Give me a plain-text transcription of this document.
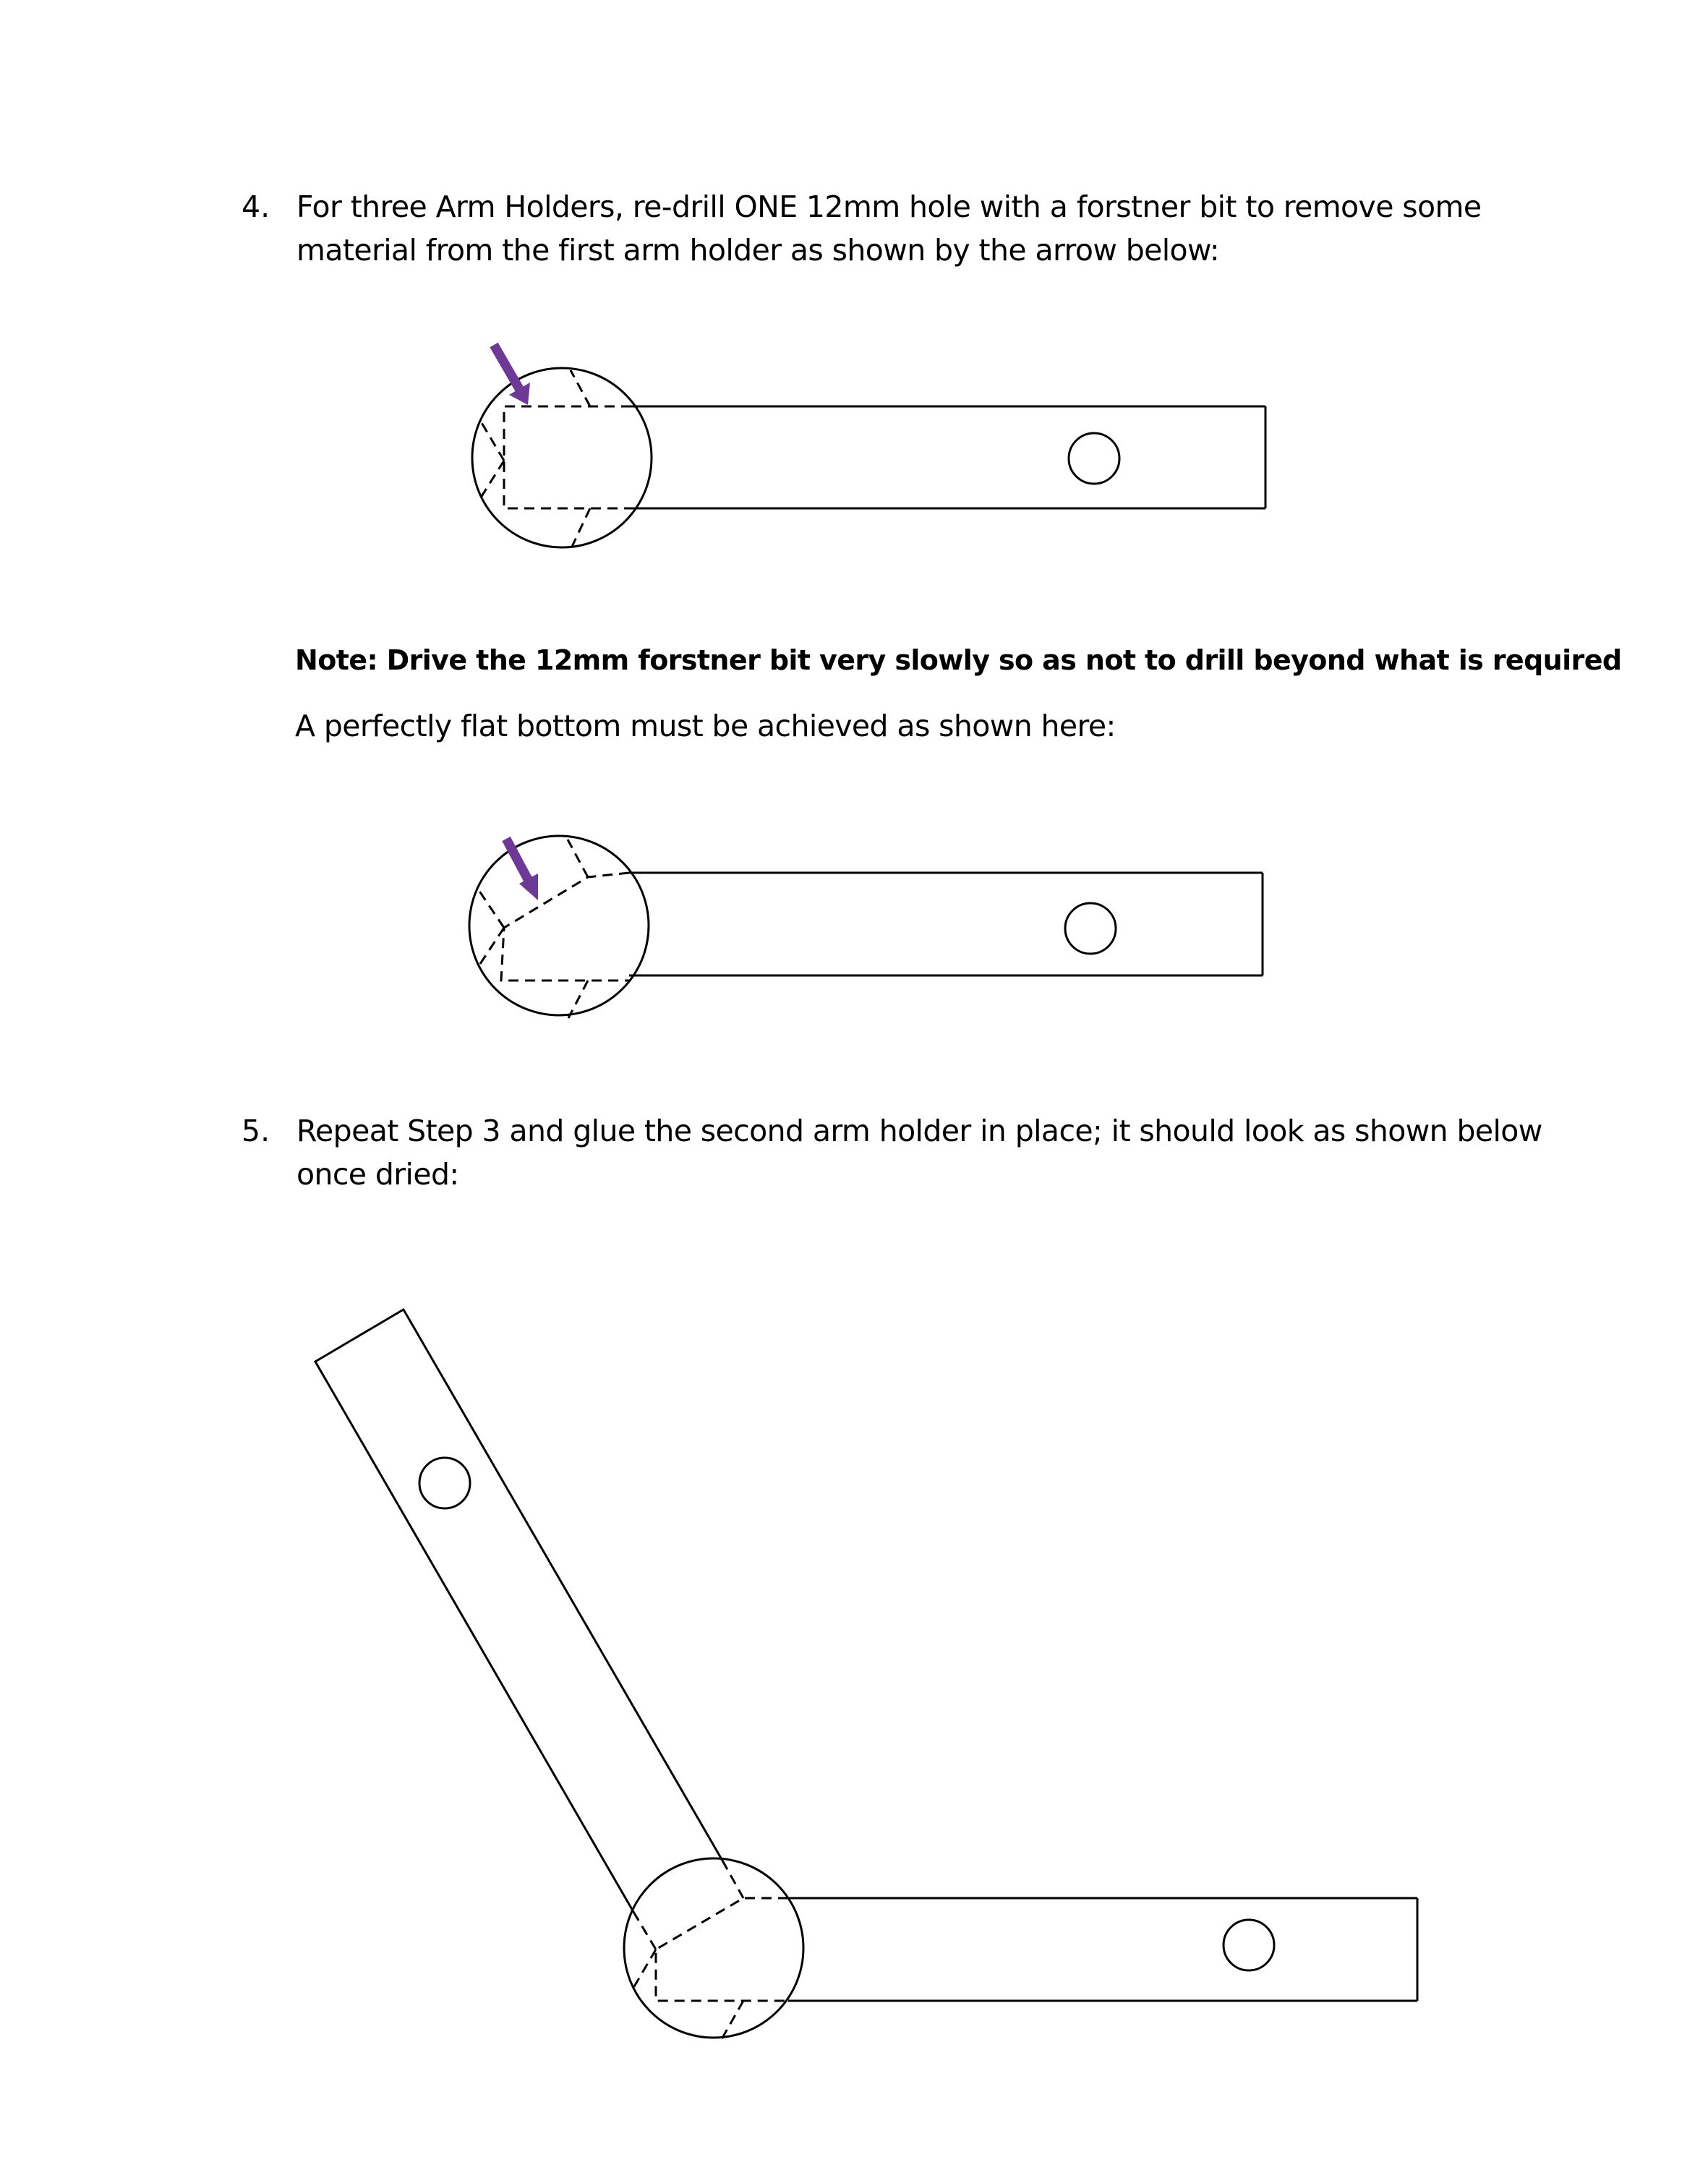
4. For three Arm Holders, re-drill ONE 12mm hole with a forstner bit to remove some
material from the first arm holder as shown by the arrow below:
Note: Drive the 12mm forstner bit very slowly so as not to drill beyond what is required
A perfectly flat bottom must be achieved as shown here:
5. Repeat Step 3 and glue the second arm holder in place; it should look as shown below
once dried:
